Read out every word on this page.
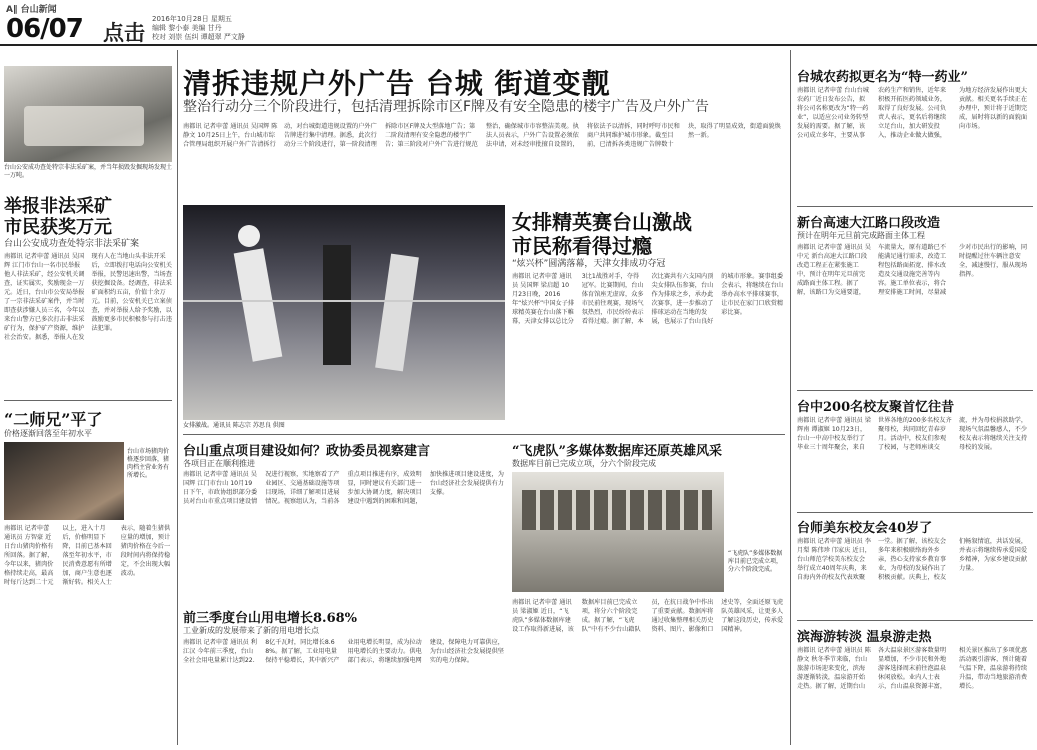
A∥ 台山新闻
06/07 点击
2016年10月28日 星期五
编辑 黎小泰 美编 甘丹
校对 刘崇 伍纠 谭超翠 严文静
台山公安成功查处特宗非法采矿案，并当年损毁发掘现场发现土一万吨。
举报非法采矿
市民获奖万元
台山公安成功查处特宗非法采矿案
南都讯 记者申蕾 通讯员 吴国辉 江门市台山一名市民举报他人非法采矿，经公安机关调查，证实属实，奖励现金一万元。近日，台山市公安局举报了一宗非法采矿案件，并当时即查获涉嫌人员三名，今年以来台山警方已多次打击非法采矿行为，保护矿产资源，维护社会治安。据悉，举报人在发现有人在当地山头非法开采后，立即拨打电话向公安机关举报，民警迅速出警，当场查获挖掘设备。经调查，非法采矿面积约五亩，价值十余万元。目前，公安机关已立案侦查，并对举报人给予奖励，以鼓励更多市民积极参与打击违法犯罪。
“二师兄”平了
价格逐渐回落至年初水平
台山市场猪肉价格逐步回落，猪肉档主营业务有所增长。
南都讯 记者申蕾 通讯员 方智豪 近日台山猪肉价格有所回落。据了解，今年以来，猪肉价格持续走高，最高时每斤达到二十元以上，进入十月后，价格明显下降，目前已基本回落至年初水平，市民消费意愿有所增加，商户生意也逐渐好转。相关人士表示，随着生猪供应量的增加，预计猪肉价格在今后一段时间内将保持稳定，不会出现大幅波动。
清拆违规户外广告 台城 街道变靓
整治行动分三个阶段进行，包括清理拆除市区F牌及有安全隐患的楼宇广告及户外广告
南都讯 记者申蕾 通讯员 吴国辉 陈静文 10月25日上午，台山城市综合管理局组织开展户外广告清拆行动，对台城街道违规设置的户外广告牌进行集中清理。据悉，此次行动分三个阶段进行，第一阶段清理拆除市区F牌及大型落地广告；第二阶段清理有安全隐患的楼宇广告；第三阶段对户外广告进行规范整治，确保城市市容整洁美观。执法人员表示，户外广告设置必须依法申请，对未经审批擅自设置的，将依法予以清拆，同时呼吁市民和商户共同维护城市形象。截至目前，已清拆各类违规广告牌数十块，取得了明显成效，街道面貌焕然一新。
女排激战。通讯员 陈志宗 苏思良 供图
女排精英赛台山激战
市民称看得过瘾
“炫兴杯”圆满落幕，天津女排成功夺冠
南都讯 记者申蕾 通讯员 吴国辉 梁启超 10月23日晚，2016年“炫兴杯”中国女子排球精英赛在台山落下帷幕，天津女排以总比分3比1战胜对手，夺得冠军。比赛期间，台山体育馆座无虚席，众多市民前往观赛，现场气氛热烈，市民纷纷表示看得过瘾。据了解，本次比赛共有六支国内顶尖女排队伍参赛，台山作为排球之乡，承办此次赛事，进一步推动了排球运动在当地的发展，也展示了台山良好的城市形象。赛事组委会表示，将继续在台山举办高水平排球赛事，让市民在家门口欣赏精彩比赛。
台山重点项目建设如何？政协委员视察建言
各项目正在顺利推进
南都讯 记者申蕾 通讯员 吴国辉 江门市台山 10月19日下午，市政协组织部分委员对台山市重点项目建设情况进行视察，实地察看了产业园区、交通基础设施等项目现场，详细了解项目进展情况。视察组认为，当前各重点项目推进有序，成效明显，同时建议有关部门进一步加大协调力度，解决项目建设中遇到的困难和问题，加快推进项目建设进度，为台山经济社会发展提供有力支撑。
前三季度台山用电增长8.68%
工业新成的发展带来了新的用电增长点
南都讯 记者申蕾 通讯员 利江汉 今年前三季度，台山全社会用电量累计达到22.8亿千瓦时，同比增长8.68%。据了解，工业用电量保持平稳增长，其中新兴产业用电增长明显，成为拉动用电增长的主要动力。供电部门表示，将继续加强电网建设，保障电力可靠供应，为台山经济社会发展提供坚实的电力保障。
“飞虎队”多媒体数据库还原英雄风采
数据库目前已完成立项，分六个阶段完成
“飞虎队”多媒体数据库目前已完成立项，分六个阶段完成。
南都讯 记者申蕾 通讯员 梁淑姬 近日，“飞虎队”多媒体数据库建设工作取得新进展，该数据库目前已完成立项，将分六个阶段完成。据了解，“飞虎队”中有不少台山籍队员，在抗日战争中作出了重要贡献。数据库将通过收集整理相关历史资料、图片、影像和口述史等，全面还原飞虎队英雄风采，让更多人了解这段历史，传承爱国精神。
台城农药拟更名为“特一药业”
南都讯 记者申蕾 台山台城农药厂近日发布公告，拟将公司名称更改为“特一药业”，以适应公司业务转型发展的需要。据了解，该公司成立多年，主要从事农药生产和销售，近年来积极开拓医药领域业务，取得了良好发展。公司负责人表示，更名后将继续立足台山，加大研发投入，推动企业做大做强，为地方经济发展作出更大贡献。相关更名手续正在办理中，预计将于近期完成，届时将以新的面貌面向市场。
新台高速大江路口段改造
预计在明年元旦前完成路面主体工程
南都讯 记者申蕾 通讯员 吴中元 新台高速大江路口段改造工程正在紧张施工中，预计在明年元旦前完成路面主体工程。据了解，该路口为交通要道，车流量大，原有道路已不能满足通行需求，改造工程包括路面拓宽、排水改造及交通设施完善等内容。施工单位表示，将合理安排施工时间，尽量减少对市民出行的影响，同时提醒过往车辆注意安全，减速慢行，服从现场指挥。
台中200名校友聚首忆往昔
南都讯 记者申蕾 通讯员 梁辉南 谭淑姬 10月23日，台山一中高中校友举行了毕业三十周年聚会，来自世界各地的200多名校友齐聚母校，共同回忆青春岁月。活动中，校友们参观了校园，与老师座谈交流，并为母校捐款助学，现场气氛温馨感人，不少校友表示将继续关注支持母校的发展。
台师美东校友会40岁了
南都讯 记者申蕾 通讯员 李月梨 陈伟珍 邝家庆 近日，台山师范学校美东校友会举行成立40周年庆典，来自海内外的校友代表欢聚一堂。据了解，该校友会多年来积极联络海外乡亲，热心支持家乡教育事业，为母校的发展作出了积极贡献。庆典上，校友们畅叙情谊，共话发展，并表示将继续传承爱国爱乡精神，为家乡建设贡献力量。
滨海游转淡 温泉游走热
南都讯 记者申蕾 通讯员 陈静文 秋冬季节来临，台山旅游市场迎来变化，滨海游逐渐转淡，温泉游开始走热。据了解，近期台山各大温泉景区游客数量明显增加，不少市民和外地游客选择周末前往泡温泉休闲放松。业内人士表示，台山温泉资源丰富，相关景区推出了多项优惠活动吸引游客，预计随着气温下降，温泉游将持续升温，带动当地旅游消费增长。
